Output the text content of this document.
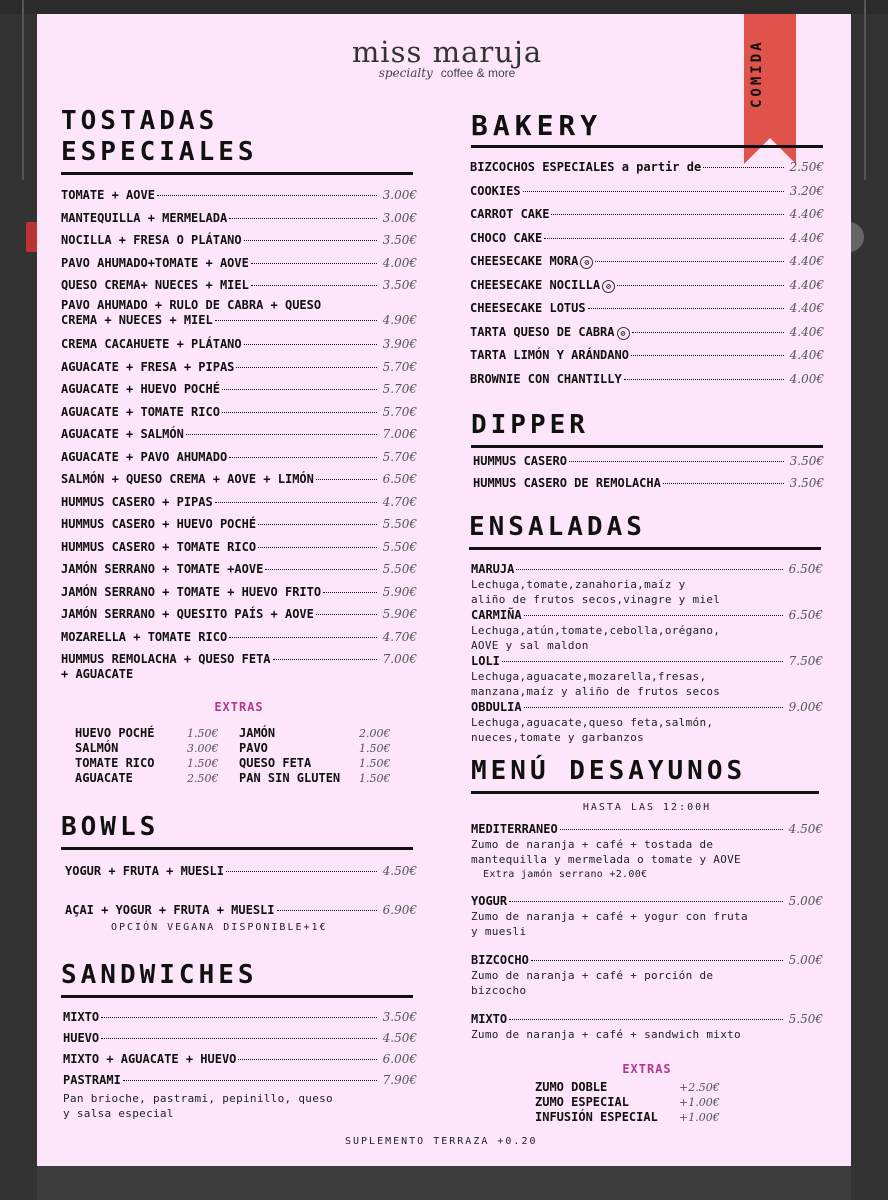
COMIDA
miss maruja
specialty coffee & more
TOSTADAS
ESPECIALES
TOMATE + AOVE	3.00€
MANTEQUILLA + MERMELADA	3.00€
NOCILLA + FRESA O PLÁTANO	3.50€
PAVO AHUMADO+TOMATE + AOVE	4.00€
QUESO CREMA+ NUECES + MIEL	3.50€
PAVO AHUMADO + RULO DE CABRA + QUESO
CREMA + NUECES + MIEL	4.90€
CREMA CACAHUETE + PLÁTANO	3.90€
AGUACATE + FRESA + PIPAS	5.70€
AGUACATE + HUEVO POCHÉ	5.70€
AGUACATE + TOMATE RICO	5.70€
AGUACATE + SALMÓN	7.00€
AGUACATE + PAVO AHUMADO	5.70€
SALMÓN + QUESO CREMA + AOVE + LIMÓN	6.50€
HUMMUS CASERO + PIPAS	4.70€
HUMMUS CASERO + HUEVO POCHÉ	5.50€
HUMMUS CASERO + TOMATE RICO	5.50€
JAMÓN SERRANO + TOMATE +AOVE	5.50€
JAMÓN SERRANO + TOMATE + HUEVO FRITO	5.90€
JAMÓN SERRANO + QUESITO PAÍS + AOVE	5.90€
MOZARELLA + TOMATE RICO	4.70€
HUMMUS REMOLACHA + QUESO FETA	7.00€
+ AGUACATE
EXTRAS
HUEVO POCHÉ	1.50€
SALMÓN	3.00€
TOMATE RICO	1.50€
AGUACATE	2.50€
JAMÓN	2.00€
PAVO	1.50€
QUESO FETA	1.50€
PAN SIN GLUTEN	1.50€
BOWLS
YOGUR + FRUTA + MUESLI	4.50€
AÇAI + YOGUR + FRUTA + MUESLI	6.90€
OPCIÓN VEGANA DISPONIBLE+1€
SANDWICHES
MIXTO	3.50€
HUEVO	4.50€
MIXTO + AGUACATE + HUEVO	6.00€
PASTRAMI	7.90€
Pan brioche, pastrami, pepinillo, queso
y salsa especial
BAKERY
BIZCOCHOS ESPECIALES a partir de	2.50€
COOKIES	3.20€
CARROT CAKE	4.40€
CHOCO CAKE	4.40€
CHEESECAKE MORA ⊘	4.40€
CHEESECAKE NOCILLA ⊘	4.40€
CHEESECAKE LOTUS	4.40€
TARTA QUESO DE CABRA ⊘	4.40€
TARTA LIMÓN Y ARÁNDANO	4.40€
BROWNIE CON CHANTILLY	4.00€
DIPPER
HUMMUS CASERO	3.50€
HUMMUS CASERO DE REMOLACHA	3.50€
ENSALADAS
MARUJA	6.50€
Lechuga,tomate,zanahoria,maíz y
aliño de frutos secos,vinagre y miel
CARMIÑA	6.50€
Lechuga,atún,tomate,cebolla,orégano,
AOVE y sal maldon
LOLI	7.50€
Lechuga,aguacate,mozarella,fresas,
manzana,maíz y aliño de frutos secos
OBDULIA	9.00€
Lechuga,aguacate,queso feta,salmón,
nueces,tomate y garbanzos
MENÚ DESAYUNOS
HASTA LAS 12:00H
MEDITERRANEO	4.50€
Zumo de naranja + café + tostada de
mantequilla y mermelada o tomate y AOVE
Extra jamón serrano +2.00€
YOGUR	5.00€
Zumo de naranja + café + yogur con fruta
y muesli
BIZCOCHO	5.00€
Zumo de naranja + café + porción de
bizcocho
MIXTO	5.50€
Zumo de naranja + café + sandwich mixto
EXTRAS
ZUMO DOBLE	+2.50€
ZUMO ESPECIAL	+1.00€
INFUSIÓN ESPECIAL	+1.00€
SUPLEMENTO TERRAZA +0.20
